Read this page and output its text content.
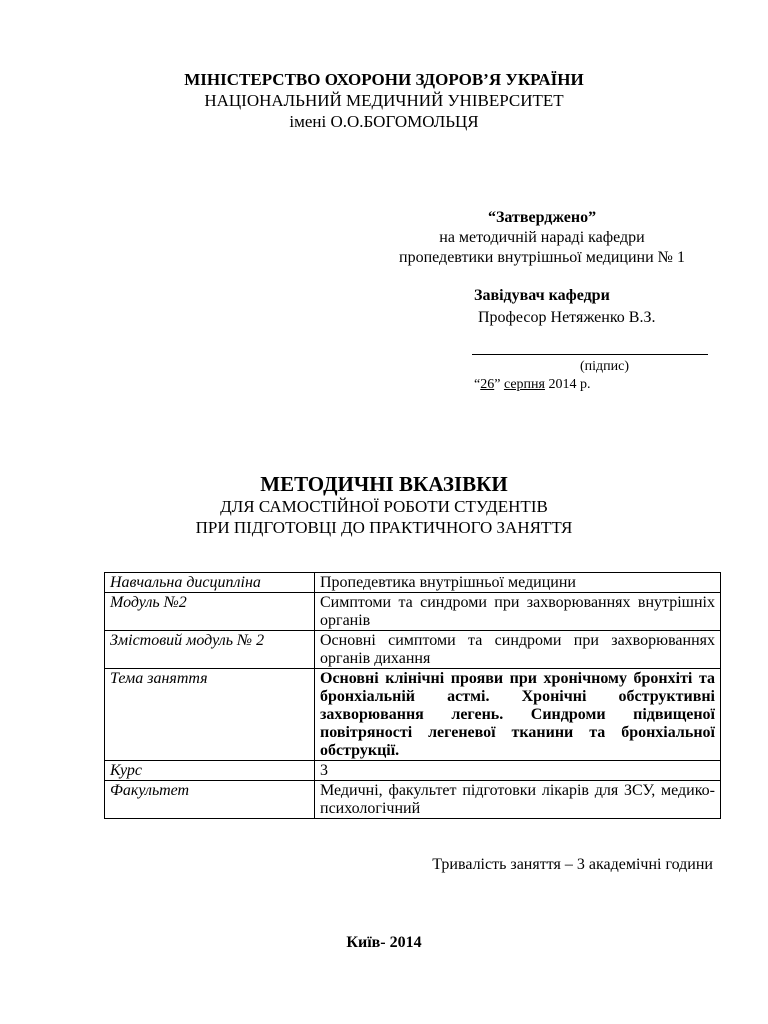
МІНІСТЕРСТВО ОХОРОНИ ЗДОРОВ’Я УКРАЇНИ
НАЦІОНАЛЬНИЙ МЕДИЧНИЙ УНІВЕРСИТЕТ
імені О.О.БОГОМОЛЬЦЯ
“Затверджено”
на методичній нараді кафедри
пропедевтики внутрішньої медицини № 1
Завідувач кафедри
Професор Нетяженко В.З.
(підпис)
“26” серпня 2014 р.
МЕТОДИЧНІ ВКАЗІВКИ
ДЛЯ САМОСТІЙНОЇ РОБОТИ СТУДЕНТІВ
ПРИ ПІДГОТОВЦІ ДО ПРАКТИЧНОГО ЗАНЯТТЯ
Навчальна дисципліна	Пропедевтика внутрішньої медицини
Модуль №2	Симптоми та синдроми при захворюваннях внутрішніх органів
Змістовий модуль № 2	Основні симптоми та синдроми при захворюваннях органів дихання
Тема заняття	Основні клінічні прояви при хронічному бронхіті та бронхіальній астмі. Хронічні обструктивні захворювання легень. Синдроми підвищеної повітряності легеневої тканини та бронхіальної обструкції.
Курс	3
Факультет	Медичні, факультет підготовки лікарів для ЗСУ, медико-психологічний
Тривалість заняття – 3 академічні години
Київ- 2014
